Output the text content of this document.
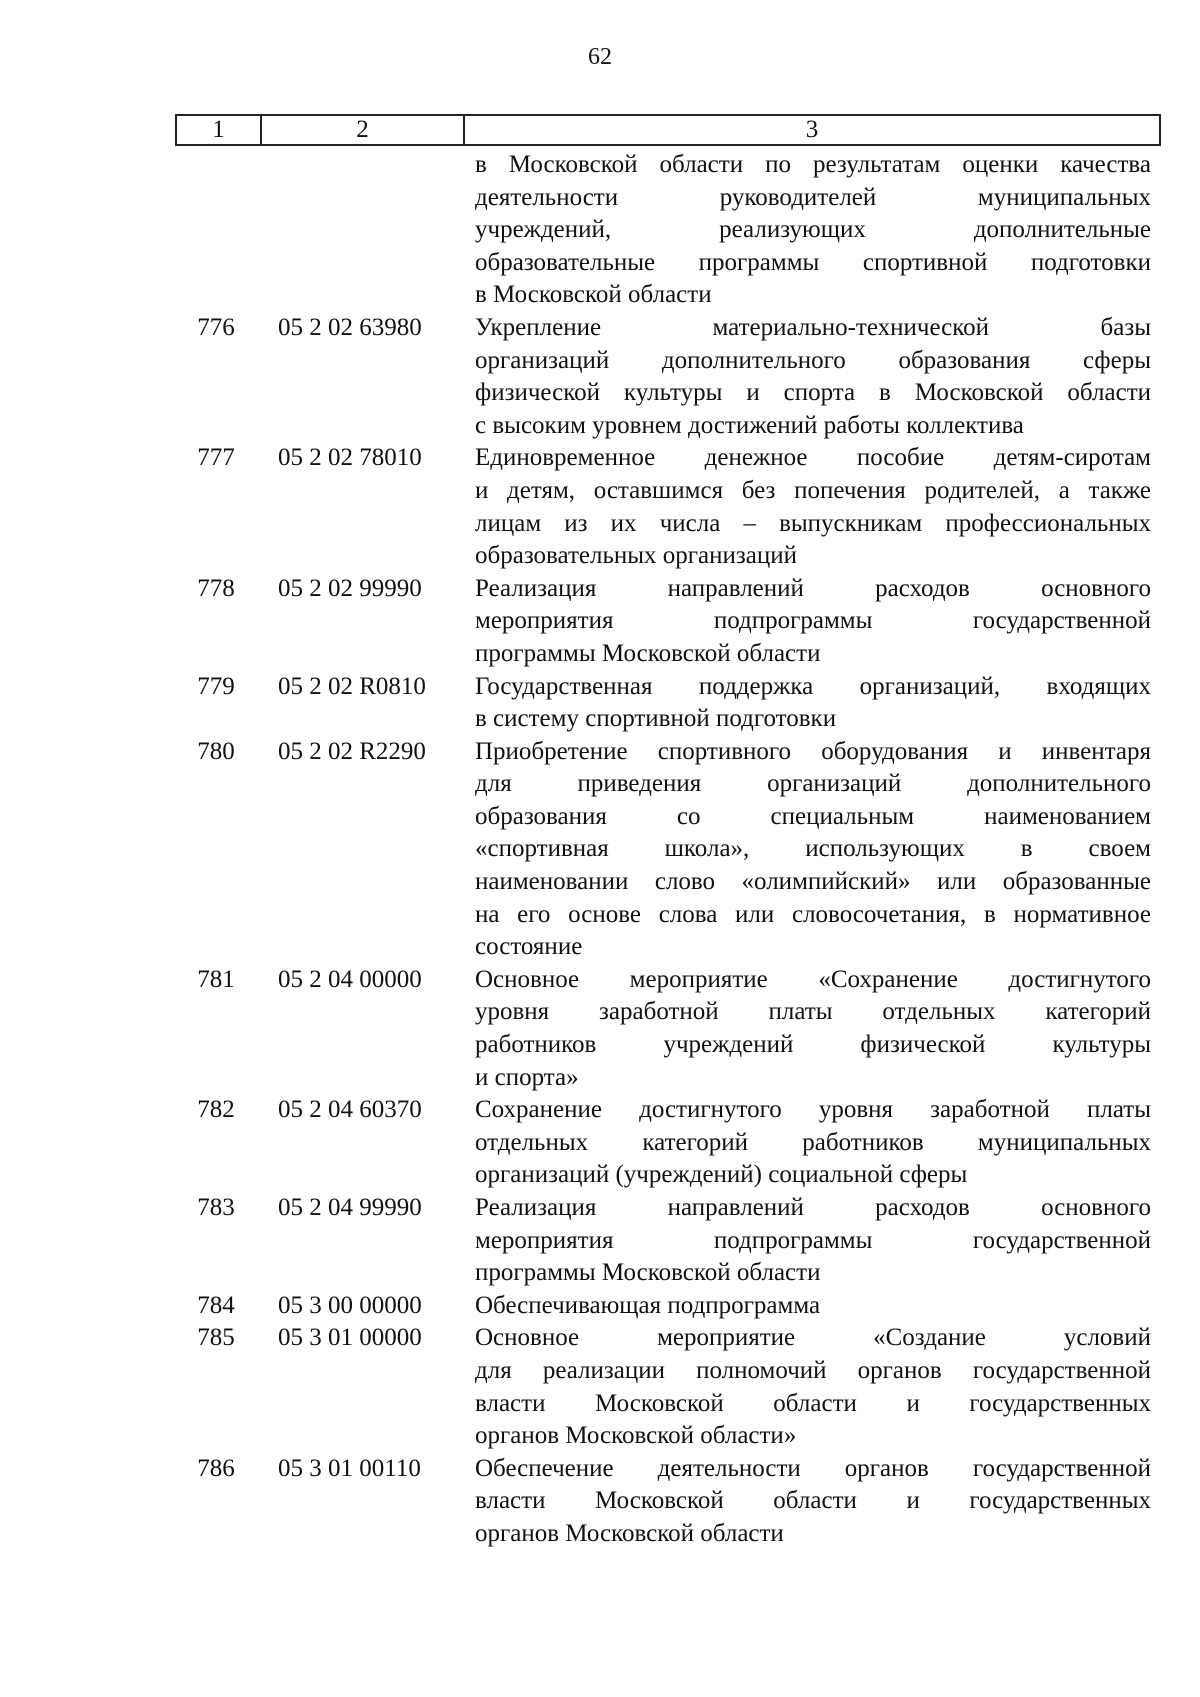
62
1	2	3
в Московской области по результатам оценки качества
деятельности руководителей муниципальных
учреждений, реализующих дополнительные
образовательные программы спортивной подготовки
в Московской области
776	05 2 02 63980	Укрепление материально-технической базы
организаций дополнительного образования сферы
физической культуры и спорта в Московской области
с высоким уровнем достижений работы коллектива
777	05 2 02 78010	Единовременное денежное пособие детям-сиротам
и детям, оставшимся без попечения родителей, а также
лицам из их числа – выпускникам профессиональных
образовательных организаций
778	05 2 02 99990	Реализация направлений расходов основного
мероприятия подпрограммы государственной
программы Московской области
779	05 2 02 R0810	Государственная поддержка организаций, входящих
в систему спортивной подготовки
780	05 2 02 R2290	Приобретение спортивного оборудования и инвентаря
для приведения организаций дополнительного
образования со специальным наименованием
«спортивная школа», использующих в своем
наименовании слово «олимпийский» или образованные
на его основе слова или словосочетания, в нормативное
состояние
781	05 2 04 00000	Основное мероприятие «Сохранение достигнутого
уровня заработной платы отдельных категорий
работников учреждений физической культуры
и спорта»
782	05 2 04 60370	Сохранение достигнутого уровня заработной платы
отдельных категорий работников муниципальных
организаций (учреждений) социальной сферы
783	05 2 04 99990	Реализация направлений расходов основного
мероприятия подпрограммы государственной
программы Московской области
784	05 3 00 00000	Обеспечивающая подпрограмма
785	05 3 01 00000	Основное мероприятие «Создание условий
для реализации полномочий органов государственной
власти Московской области и государственных
органов Московской области»
786	05 3 01 00110	Обеспечение деятельности органов государственной
власти Московской области и государственных
органов Московской области
